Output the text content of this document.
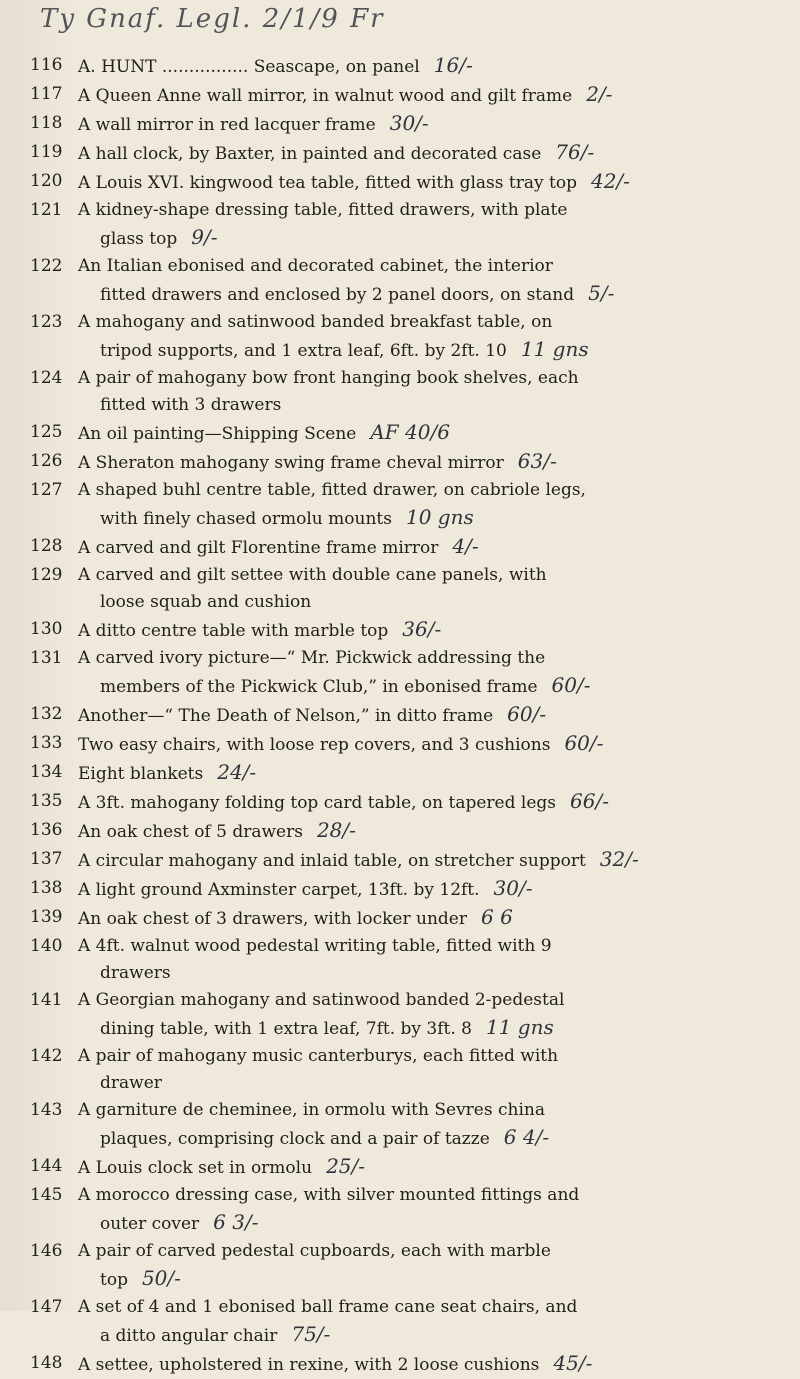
Ty Gnaf. Legl. 2/1/9 Fr
116 A. HUNT ................ Seascape, on panel 16/-
117 A Queen Anne wall mirror, in walnut wood and gilt frame 2/-
118 A wall mirror in red lacquer frame 30/-
119 A hall clock, by Baxter, in painted and decorated case 76/-
120 A Louis XVI. kingwood tea table, fitted with glass tray top 42/-
121 A kidney-shape dressing table, fitted drawers, with plate
glass top 9/-
122 An Italian ebonised and decorated cabinet, the interior
fitted drawers and enclosed by 2 panel doors, on stand 5/-
123 A mahogany and satinwood banded breakfast table, on
tripod supports, and 1 extra leaf, 6ft. by 2ft. 10 11 gns
124 A pair of mahogany bow front hanging book shelves, each
fitted with 3 drawers
125 An oil painting—Shipping Scene AF 40/6
126 A Sheraton mahogany swing frame cheval mirror 63/-
127 A shaped buhl centre table, fitted drawer, on cabriole legs,
with finely chased ormolu mounts 10 gns
128 A carved and gilt Florentine frame mirror 4/-
129 A carved and gilt settee with double cane panels, with
loose squab and cushion
130 A ditto centre table with marble top 36/-
131 A carved ivory picture—“ Mr. Pickwick addressing the
members of the Pickwick Club,” in ebonised frame 60/-
132 Another—“ The Death of Nelson,” in ditto frame 60/-
133 Two easy chairs, with loose rep covers, and 3 cushions 60/-
134 Eight blankets 24/-
135 A 3ft. mahogany folding top card table, on tapered legs 66/-
136 An oak chest of 5 drawers 28/-
137 A circular mahogany and inlaid table, on stretcher support 32/-
138 A light ground Axminster carpet, 13ft. by 12ft. 30/-
139 An oak chest of 3 drawers, with locker under 6 6
140 A 4ft. walnut wood pedestal writing table, fitted with 9
drawers
141 A Georgian mahogany and satinwood banded 2-pedestal
dining table, with 1 extra leaf, 7ft. by 3ft. 8 11 gns
142 A pair of mahogany music canterburys, each fitted with
drawer
143 A garniture de cheminee, in ormolu with Sevres china
plaques, comprising clock and a pair of tazze 6 4/-
144 A Louis clock set in ormolu 25/-
145 A morocco dressing case, with silver mounted fittings and
outer cover 6 3/-
146 A pair of carved pedestal cupboards, each with marble
top 50/-
147 A set of 4 and 1 ebonised ball frame cane seat chairs, and
a ditto angular chair 75/-
148 A settee, upholstered in rexine, with 2 loose cushions 45/-
